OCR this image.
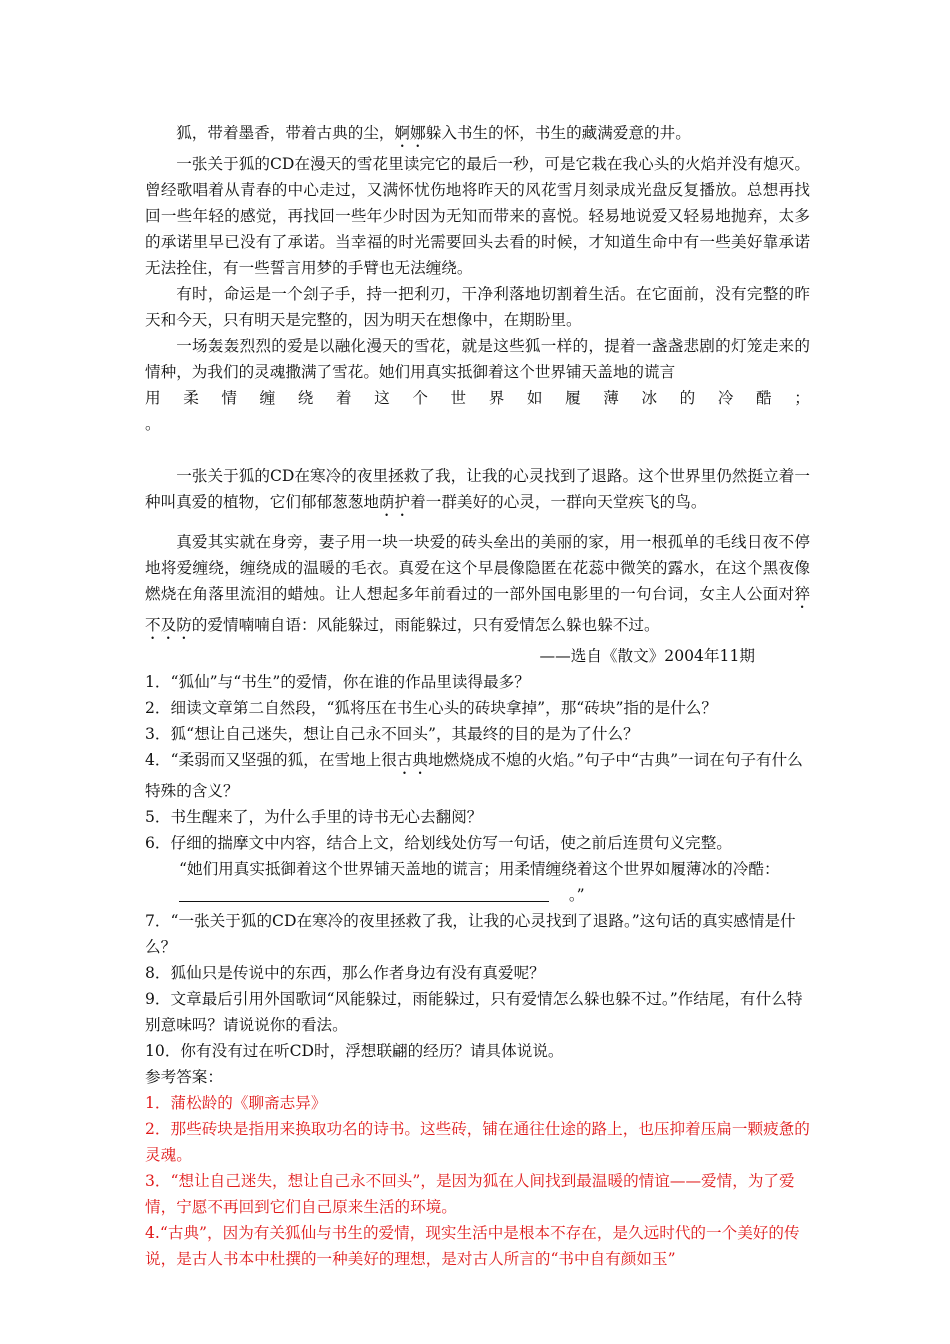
狐，带着墨香，带着古典的尘，婀娜躲入书生的怀，书生的藏满爱意的井。

一张关于狐的CD在漫天的雪花里读完它的最后一秒，可是它栽在我心头的火焰并没有熄灭。曾经歌唱着从青春的中心走过，又满怀忧伤地将昨天的风花雪月刻录成光盘反复播放。总想再找回一些年轻的感觉，再找回一些年少时因为无知而带来的喜悦。轻易地说爱又轻易地抛弃，太多的承诺里早已没有了承诺。当幸福的时光需要回头去看的时候，才知道生命中有一些美好靠承诺无法拴住，有一些誓言用梦的手臂也无法缠绕。

有时，命运是一个刽子手，持一把利刃，干净利落地切割着生活。在它面前，没有完整的昨天和今天，只有明天是完整的，因为明天在想像中，在期盼里。

一场轰轰烈烈的爱是以融化漫天的雪花，就是这些狐一样的，提着一盏盏悲剧的灯笼走来的情种，为我们的灵魂撒满了雪花。她们用真实抵御着这个世界铺天盖地的谎言

用 柔 情 缠 绕 着 这 个 世 界 如 履 薄 冰 的 冷 酷 ；

。

一张关于狐的CD在寒冷的夜里拯救了我，让我的心灵找到了退路。这个世界里仍然挺立着一种叫真爱的植物，它们郁郁葱葱地荫护着一群美好的心灵，一群向天堂疾飞的鸟。

真爱其实就在身旁，妻子用一块一块爱的砖头垒出的美丽的家，用一根孤单的毛线日夜不停地将爱缠绕，缠绕成的温暖的毛衣。真爱在这个早晨像隐匿在花蕊中微笑的露水，在这个黑夜像燃烧在角落里流泪的蜡烛。让人想起多年前看过的一部外国电影里的一句台词，女主人公面对猝不及防的爱情喃喃自语：风能躲过，雨能躲过，只有爱情怎么躲也躲不过。

——选自《散文》2004年11期

1．“狐仙”与“书生”的爱情，你在谁的作品里读得最多？

2．细读文章第二自然段，“狐将压在书生心头的砖块拿掉”，那“砖块”指的是什么？

3．狐“想让自己迷失，想让自己永不回头”，其最终的目的是为了什么？

4．“柔弱而又坚强的狐，在雪地上很古典地燃烧成不熄的火焰。”句子中“古典”一词在句子有什么特殊的含义？

5．书生醒来了，为什么手里的诗书无心去翻阅？

6．仔细的揣摩文中内容，结合上文，给划线处仿写一句话，使之前后连贯句义完整。

“她们用真实抵御着这个世界铺天盖地的谎言；用柔情缠绕着这个世界如履薄冰的冷酷：    。”

7．“一张关于狐的CD在寒冷的夜里拯救了我，让我的心灵找到了退路。”这句话的真实感情是什么？

8．狐仙只是传说中的东西，那么作者身边有没有真爱呢？

9．文章最后引用外国歌词“风能躲过，雨能躲过，只有爱情怎么躲也躲不过。”作结尾，有什么特别意味吗？请说说你的看法。

10．你有没有过在听CD时，浮想联翩的经历？请具体说说。

参考答案：

1．蒲松龄的《聊斋志异》

2．那些砖块是指用来换取功名的诗书。这些砖，铺在通往仕途的路上，也压抑着压扁一颗疲惫的灵魂。

3．“想让自己迷失，想让自己永不回头”，是因为狐在人间找到最温暖的情谊——爱情，为了爱情，宁愿不再回到它们自己原来生活的环境。

4.“古典”，因为有关狐仙与书生的爱情，现实生活中是根本不存在，是久远时代的一个美好的传说，是古人书本中杜撰的一种美好的理想，是对古人所言的“书中自有颜如玉”
